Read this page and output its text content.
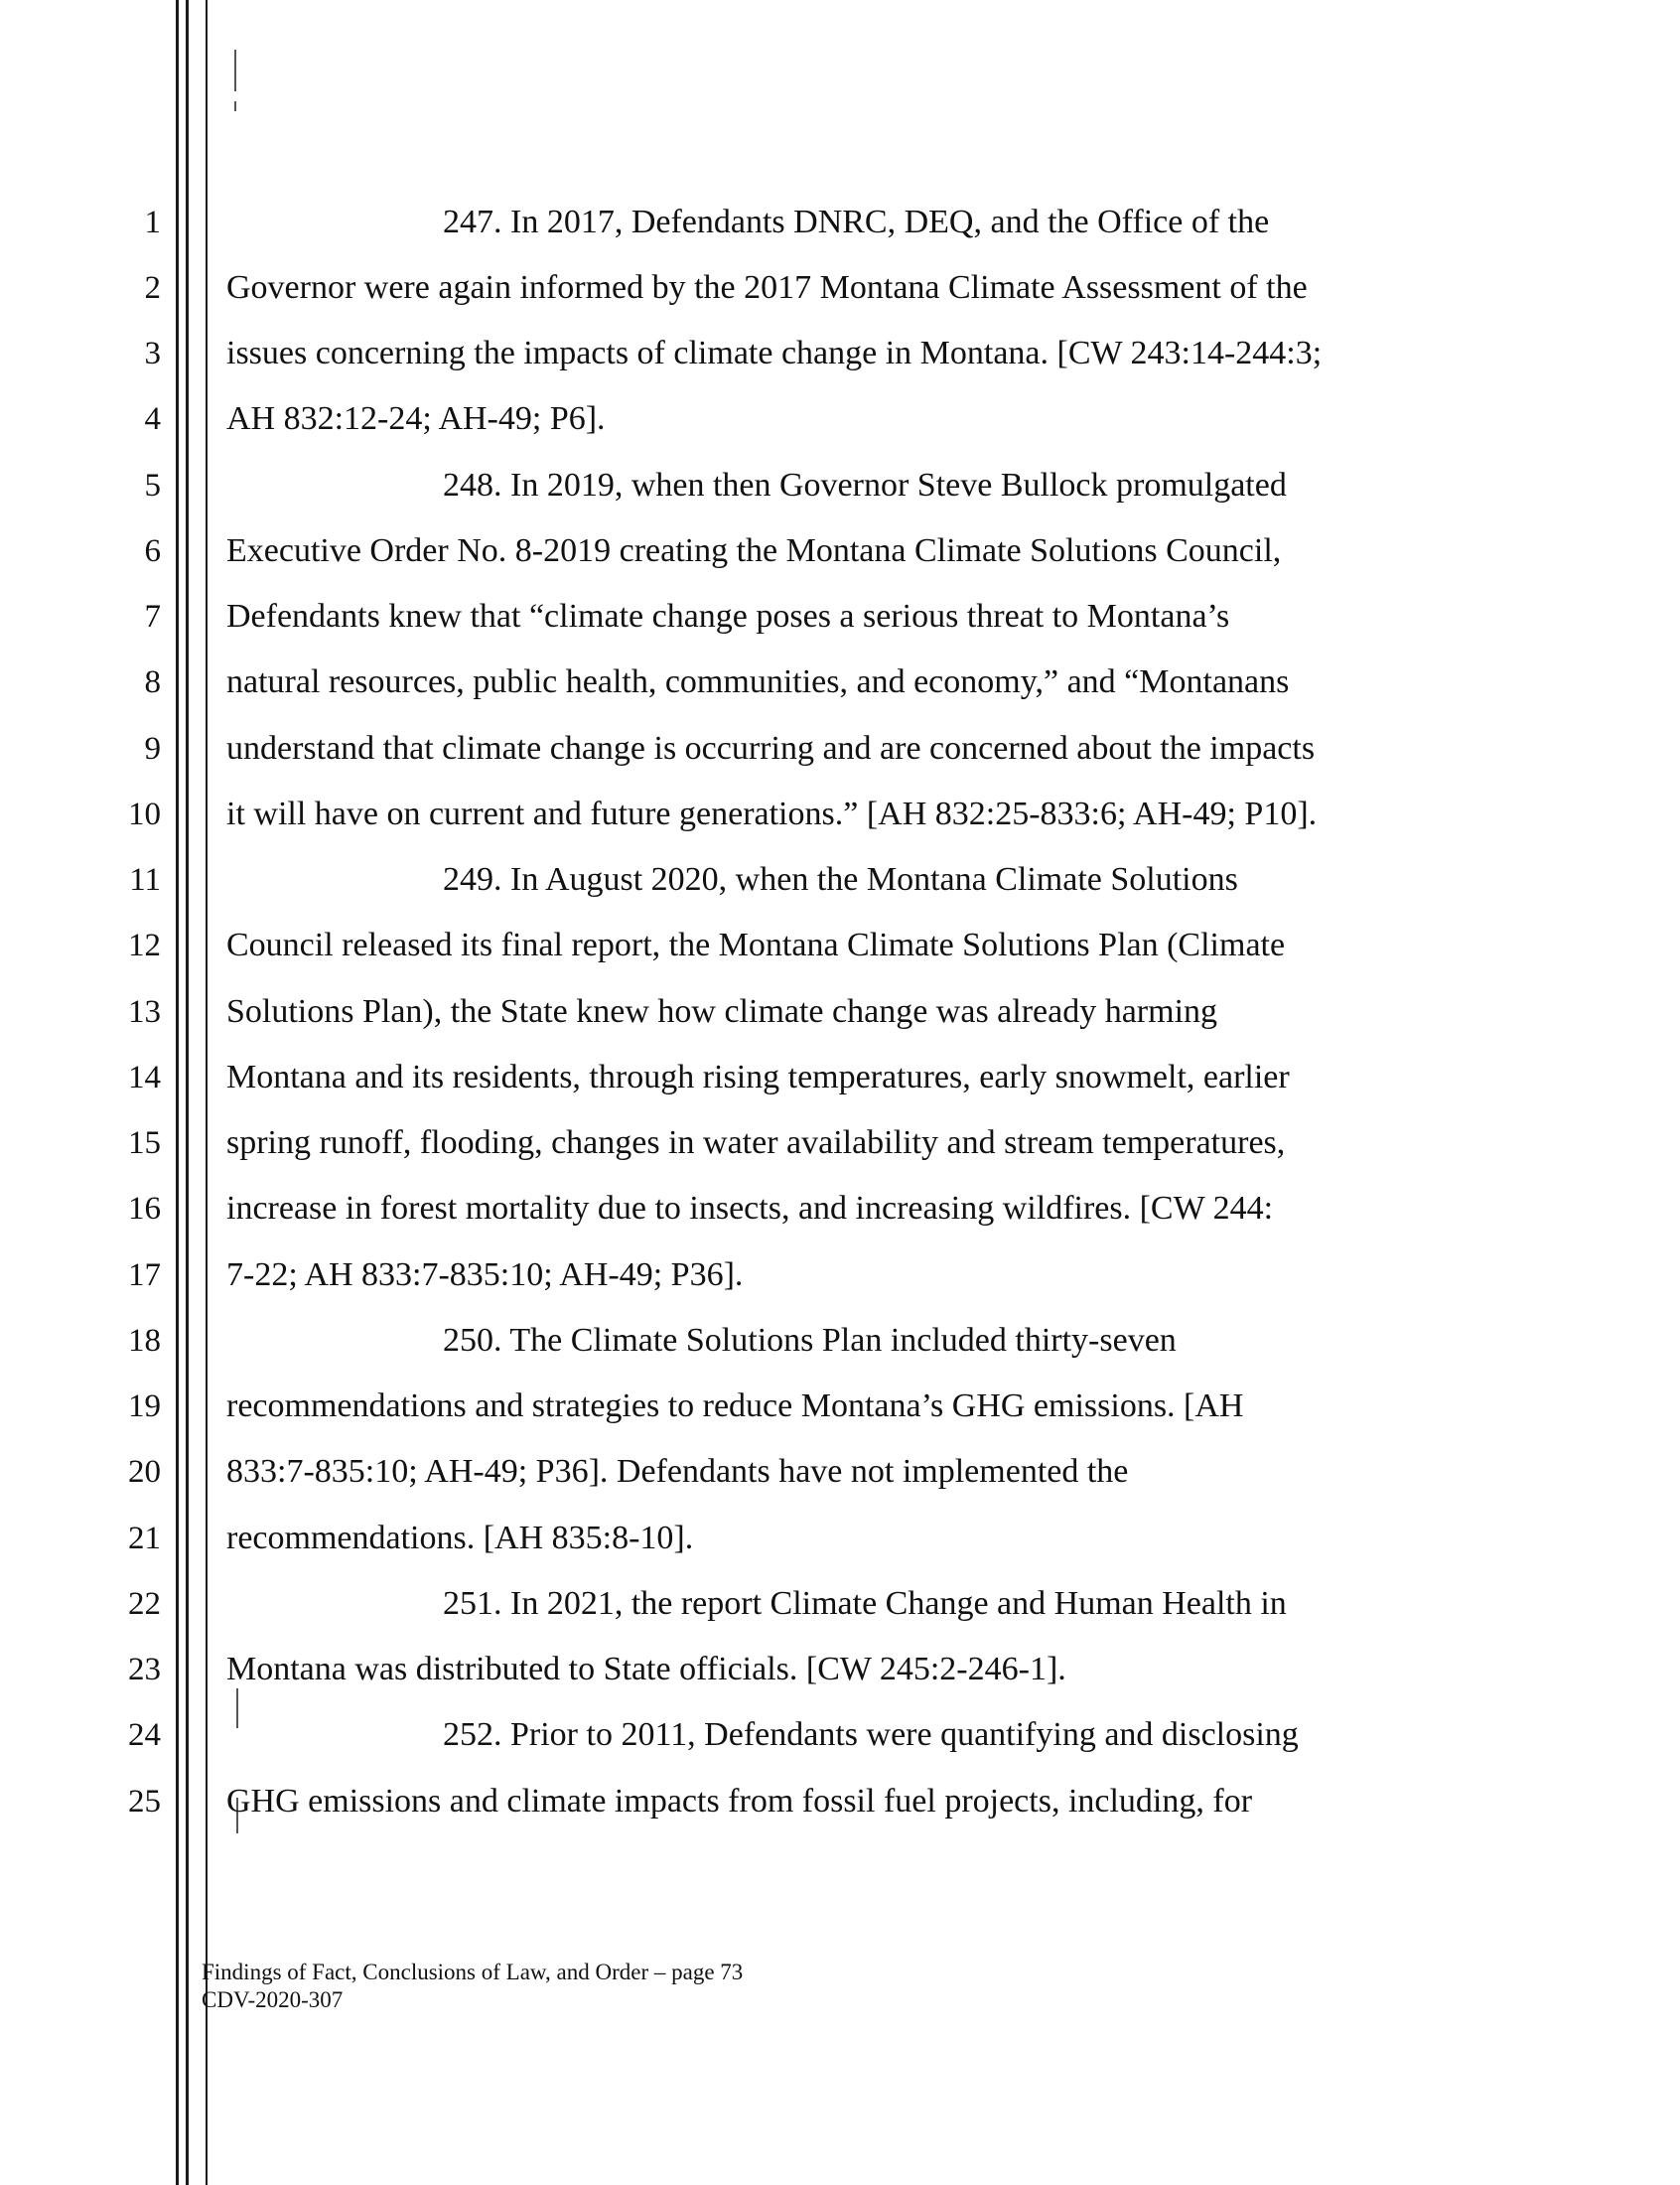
1
2
3
4
5
6
7
8
9
10
11
12
13
14
15
16
17
18
19
20
21
22
23
24
25
247. In 2017, Defendants DNRC, DEQ, and the Office of the
Governor were again informed by the 2017 Montana Climate Assessment of the
issues concerning the impacts of climate change in Montana. [CW 243:14-244:3;
AH 832:12-24; AH-49; P6].
248. In 2019, when then Governor Steve Bullock promulgated
Executive Order No. 8-2019 creating the Montana Climate Solutions Council,
Defendants knew that “climate change poses a serious threat to Montana’s
natural resources, public health, communities, and economy,” and “Montanans
understand that climate change is occurring and are concerned about the impacts
it will have on current and future generations.” [AH 832:25-833:6; AH-49; P10].
249. In August 2020, when the Montana Climate Solutions
Council released its final report, the Montana Climate Solutions Plan (Climate
Solutions Plan), the State knew how climate change was already harming
Montana and its residents, through rising temperatures, early snowmelt, earlier
spring runoff, flooding, changes in water availability and stream temperatures,
increase in forest mortality due to insects, and increasing wildfires. [CW 244:
7-22; AH 833:7-835:10; AH-49; P36].
250. The Climate Solutions Plan included thirty-seven
recommendations and strategies to reduce Montana’s GHG emissions. [AH
833:7-835:10; AH-49; P36]. Defendants have not implemented the
recommendations. [AH 835:8-10].
251. In 2021, the report Climate Change and Human Health in
Montana was distributed to State officials. [CW 245:2-246-1].
252. Prior to 2011, Defendants were quantifying and disclosing
GHG emissions and climate impacts from fossil fuel projects, including, for
Findings of Fact, Conclusions of Law, and Order – page 73
CDV-2020-307
